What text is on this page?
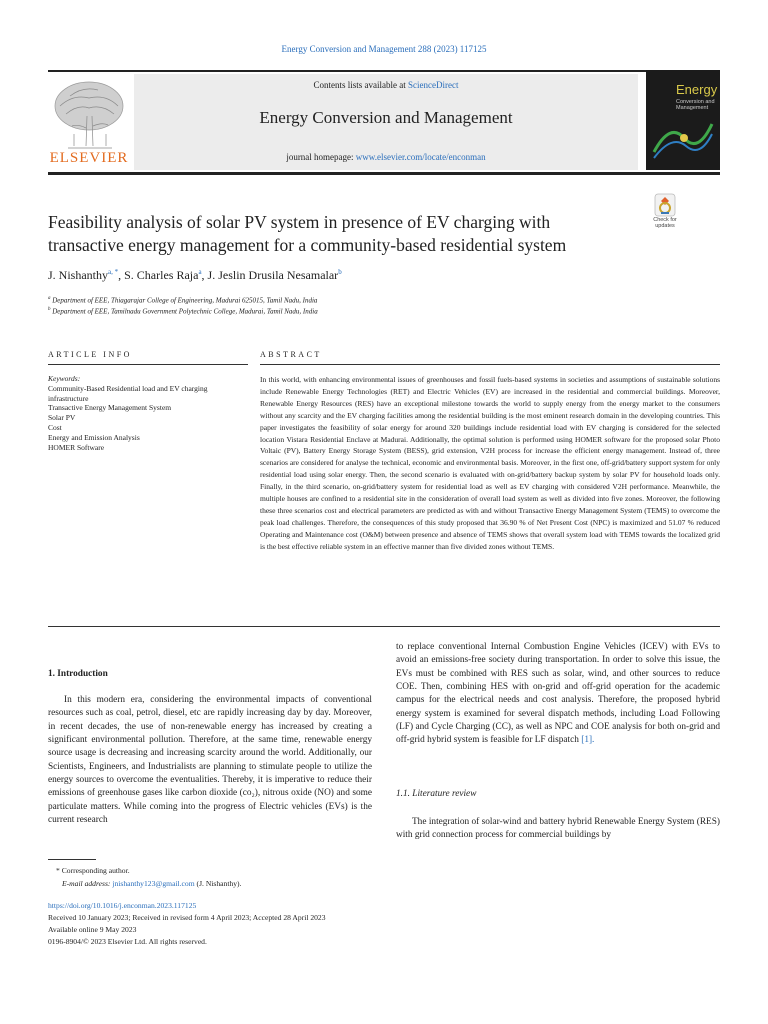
Energy Conversion and Management 288 (2023) 117125
ELSEVIER
Contents lists available at ScienceDirect
Energy Conversion and Management
journal homepage: www.elsevier.com/locate/enconman
Energy
Conversion and Management
Feasibility analysis of solar PV system in presence of EV charging with transactive energy management for a community-based residential system
Check for updates
J. Nishanthy$^{a, *}$, S. Charles Raja$^a$, J. Jeslin Drusila Nesamalar$^b$
$^a$ Department of EEE, Thiagarajar College of Engineering, Madurai 625015, Tamil Nadu, India
$^b$ Department of EEE, Tamilnadu Government Polytechnic College, Madurai, Tamil Nadu, India
ARTICLE INFO	ABSTRACT
Keywords:
Community-Based Residential load and EV charging infrastructure
Transactive Energy Management System
Solar PV
Cost
Energy and Emission Analysis
HOMER Software
In this world, with enhancing environmental issues of greenhouses and fossil fuels-based systems in societies and assumptions of sustainable solutions include Renewable Energy Technologies (RET) and Electric Vehicles (EV) are increased in the residential and commercial buildings. Moreover, Renewable Energy Resources (RES) have an exceptional milestone towards the world to supply energy from the energy market to the consumers without any scarcity and the EV charging facilities among the residential building is the most eminent research domain in the developing countries. This paper investigates the feasibility of solar energy for around 320 buildings include residential load with EV charging is considered for the selected location Vistara Residential Enclave at Madurai. Additionally, the optimal solution is performed using HOMER software for the proposed solar Photo Voltaic (PV), Battery Energy Storage System (BESS), grid extension, V2H process for increase the efficient energy management. Instead of, three scenarios are considered for analyse the technical, economic and environmental basis. Moreover, in the first one, off-grid/battery support system for only residential load using solar energy. Then, the second scenario is evaluated with on-grid/battery backup system by solar PV for household loads only. Finally, in the third scenario, on-grid/battery system for residential load as well as EV charging with considered V2H performance. Meanwhile, the multiple houses are confined to a residential site in the consideration of overall load system as well as divided into five zones. Moreover, the following these three scenarios cost and electrical parameters are predicted as with and without Transactive Energy Management System (TEMS) to overcome the peak load challenges. Therefore, the consequences of this study proposed that 36.90 % of Net Present Cost (NPC) is maximized and 51.07 % reduced Operating and Maintenance cost (O&M) between presence and absence of TEMS shows that overall system load with TEMS towards the localized grid is the best effective reliable system in an effective manner than five divided zones without TEMS.
1. Introduction
In this modern era, considering the environmental impacts of conventional resources such as coal, petrol, diesel, etc are rapidly increasing day by day. Moreover, in recent decades, the use of non-renewable energy has increased by creating a significant environmental pollution. Therefore, at the same time, renewable energy source usage is decreasing and increasing scarcity around the world. Additionally, our Scientists, Engineers, and Industrialists are planning to stimulate people to utilize the energy sources to overcome the eventualities. Thereby, it is imperative to reduce their emissions of greenhouse gases like carbon dioxide (co₂), nitrous oxide (NO) and some particulate matters. While coming into the progress of Electric vehicles (EVs) is the current research
to replace conventional Internal Combustion Engine Vehicles (ICEV) with EVs to avoid an emissions-free society during transportation. In order to solve this issue, the EVs must be combined with RES such as solar, wind, and other sources to reduce COE. Then, combining HES with on-grid and off-grid operation for the academic campus for the electrical needs and cost analysis. Therefore, the proposed hybrid energy system is examined for several dispatch methods, including Load Following (LF) and Cycle Charging (CC), as well as NPC and COE analysis for both on-grid and off-grid hybrid system is feasible for LF dispatch [1].
1.1. Literature review
The integration of solar-wind and battery hybrid Renewable Energy System (RES) with grid connection process for commercial buildings by
* Corresponding author.
E-mail address: jnishanthy123@gmail.com (J. Nishanthy).
https://doi.org/10.1016/j.enconman.2023.117125
Received 10 January 2023; Received in revised form 4 April 2023; Accepted 28 April 2023
Available online 9 May 2023
0196-8904/© 2023 Elsevier Ltd. All rights reserved.
